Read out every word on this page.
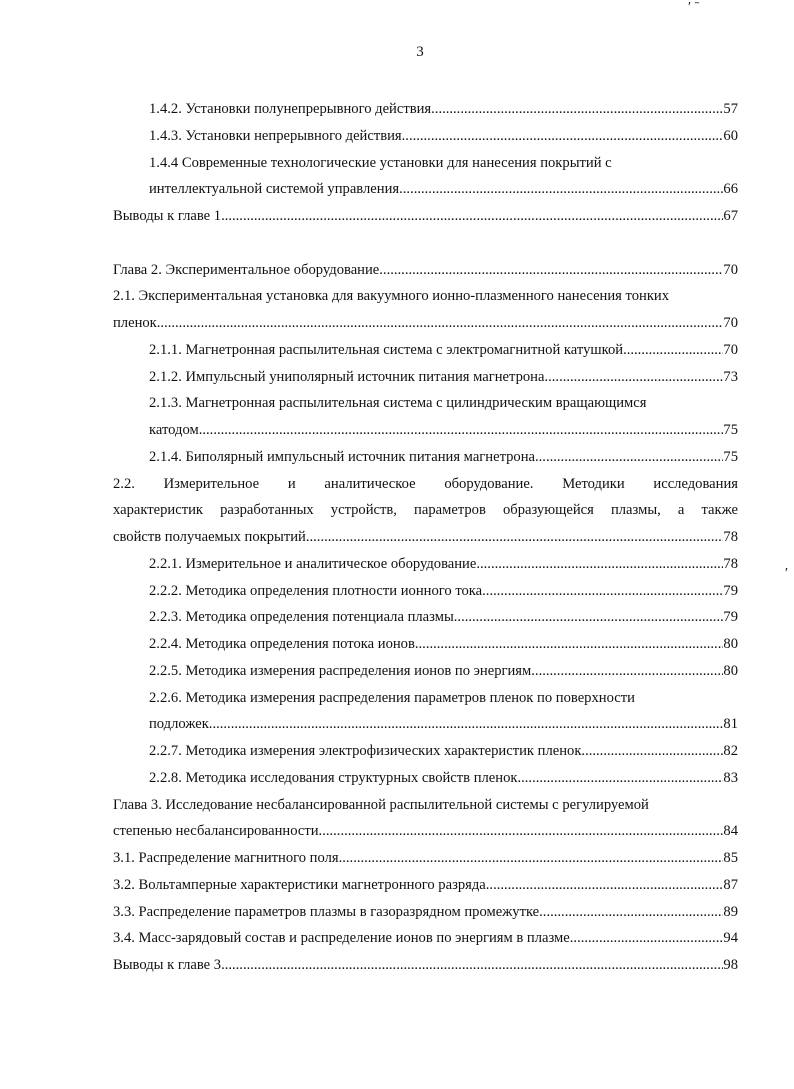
3
1.4.2. Установки полунепрерывного действия .....	57
1.4.3. Установки непрерывного действия .....	60
1.4.4 Современные технологические установки для нанесения покрытий с
интеллектуальной системой управления .....	66
Выводы к главе 1 .....	67
Глава 2. Экспериментальное оборудование .....	70
2.1. Экспериментальная установка для вакуумного ионно-плазменного нанесения тонких
пленок .....	70
2.1.1. Магнетронная распылительная система с электромагнитной катушкой .....	70
2.1.2. Импульсный униполярный источник питания магнетрона .....	73
2.1.3. Магнетронная распылительная система с цилиндрическим вращающимся
катодом .....	75
2.1.4. Биполярный импульсный источник питания магнетрона .....	75
2.2. Измерительное и аналитическое оборудование. Методики исследования
характеристик разработанных устройств, параметров образующейся плазмы, а также
свойств получаемых покрытий .....	78
2.2.1. Измерительное и аналитическое оборудование .....	78
2.2.2. Методика определения плотности ионного тока .....	79
2.2.3. Методика определения потенциала плазмы .....	79
2.2.4. Методика определения потока ионов .....	80
2.2.5. Методика измерения распределения ионов по энергиям .....	80
2.2.6. Методика измерения распределения параметров пленок по поверхности
подложек .....	81
2.2.7. Методика измерения электрофизических характеристик пленок .....	82
2.2.8. Методика исследования структурных свойств пленок .....	83
Глава 3. Исследование несбалансированной распылительной системы с регулируемой
степенью несбалансированности .....	84
3.1. Распределение магнитного поля .....	85
3.2. Вольтамперные характеристики магнетронного разряда .....	87
3.3. Распределение параметров плазмы в газоразрядном промежутке .....	89
3.4. Масс-зарядовый состав и распределение ионов по энергиям в плазме .....	94
Выводы к главе 3 .....	98
′ ˉ
′
